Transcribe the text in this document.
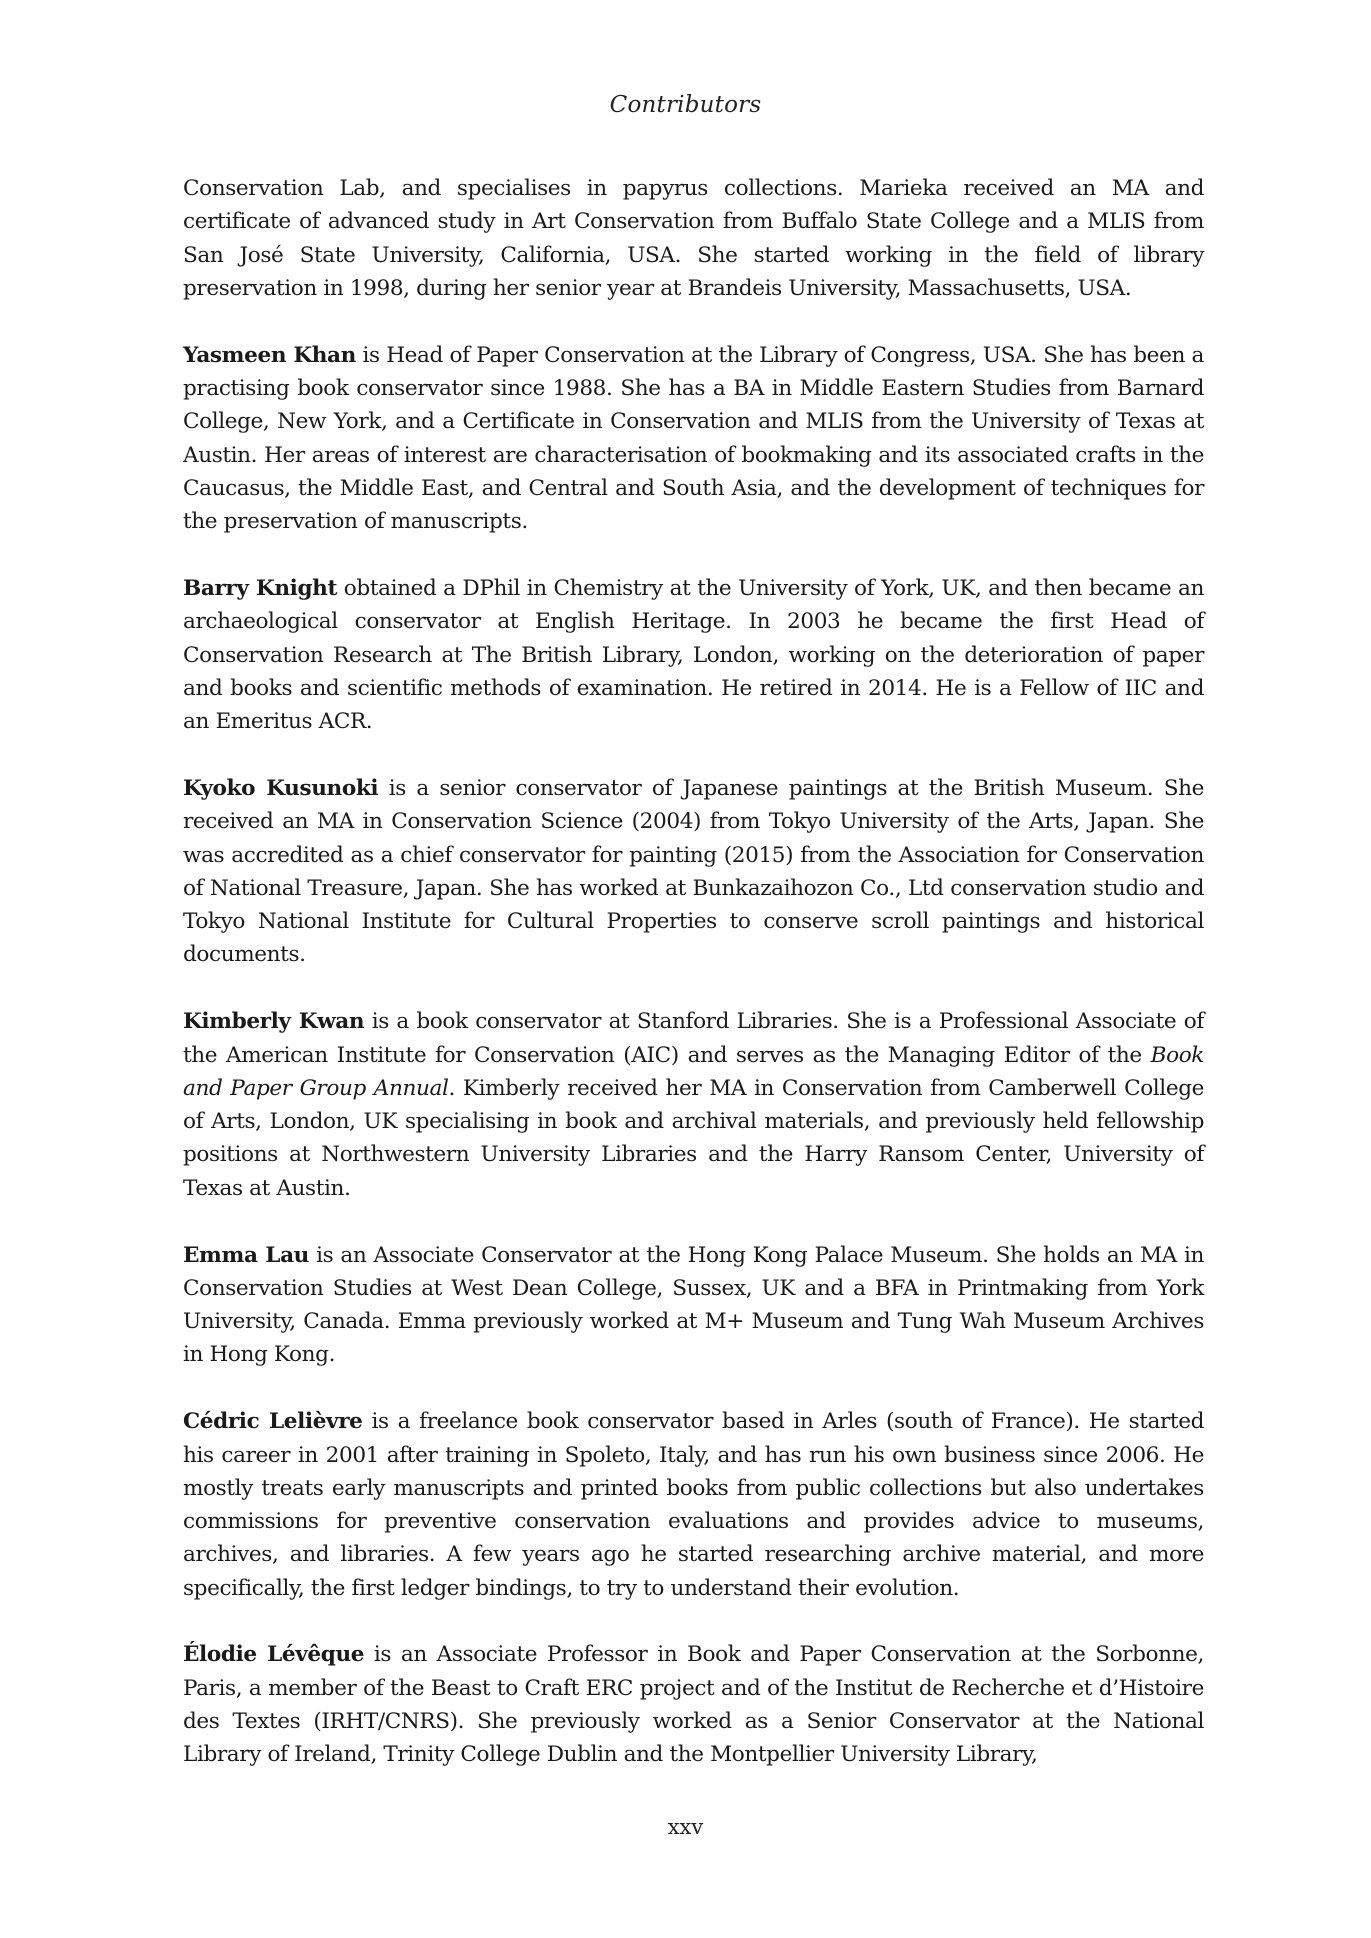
Contributors

Conservation Lab, and specialises in papyrus collections. Marieka received an MA and certificate of advanced study in Art Conservation from Buffalo State College and a MLIS from San José State University, California, USA. She started working in the field of library preservation in 1998, during her senior year at Brandeis University, Massachusetts, USA.

Yasmeen Khan is Head of Paper Conservation at the Library of Congress, USA. She has been a practising book conservator since 1988. She has a BA in Middle Eastern Studies from Barnard College, New York, and a Certificate in Conservation and MLIS from the University of Texas at Austin. Her areas of interest are characterisation of bookmaking and its associated crafts in the Caucasus, the Middle East, and Central and South Asia, and the development of techniques for the preservation of manuscripts.

Barry Knight obtained a DPhil in Chemistry at the University of York, UK, and then became an archaeological conservator at English Heritage. In 2003 he became the first Head of Conservation Research at The British Library, London, working on the deterioration of paper and books and scientific methods of examination. He retired in 2014. He is a Fellow of IIC and an Emeritus ACR.

Kyoko Kusunoki is a senior conservator of Japanese paintings at the British Museum. She received an MA in Conservation Science (2004) from Tokyo University of the Arts, Japan. She was accredited as a chief conservator for painting (2015) from the Association for Conservation of National Treasure, Japan. She has worked at Bunkazaihozon Co., Ltd conservation studio and Tokyo National Institute for Cultural Properties to conserve scroll paintings and historical documents.

Kimberly Kwan is a book conservator at Stanford Libraries. She is a Professional Associate of the American Institute for Conservation (AIC) and serves as the Managing Editor of the Book and Paper Group Annual. Kimberly received her MA in Conservation from Camberwell College of Arts, London, UK specialising in book and archival materials, and previously held fellowship positions at Northwestern University Libraries and the Harry Ransom Center, University of Texas at Austin.

Emma Lau is an Associate Conservator at the Hong Kong Palace Museum. She holds an MA in Conservation Studies at West Dean College, Sussex, UK and a BFA in Printmaking from York University, Canada. Emma previously worked at M+ Museum and Tung Wah Museum Archives in Hong Kong.

Cédric Lelièvre is a freelance book conservator based in Arles (south of France). He started his career in 2001 after training in Spoleto, Italy, and has run his own business since 2006. He mostly treats early manuscripts and printed books from public collections but also undertakes commissions for preventive conservation evaluations and provides advice to museums, archives, and libraries. A few years ago he started researching archive material, and more specifically, the first ledger bindings, to try to understand their evolution.

Élodie Lévêque is an Associate Professor in Book and Paper Conservation at the Sorbonne, Paris, a member of the Beast to Craft ERC project and of the Institut de Recherche et d’Histoire des Textes (IRHT/CNRS). She previously worked as a Senior Conservator at the National Library of Ireland, Trinity College Dublin and the Montpellier University Library,

xxv
